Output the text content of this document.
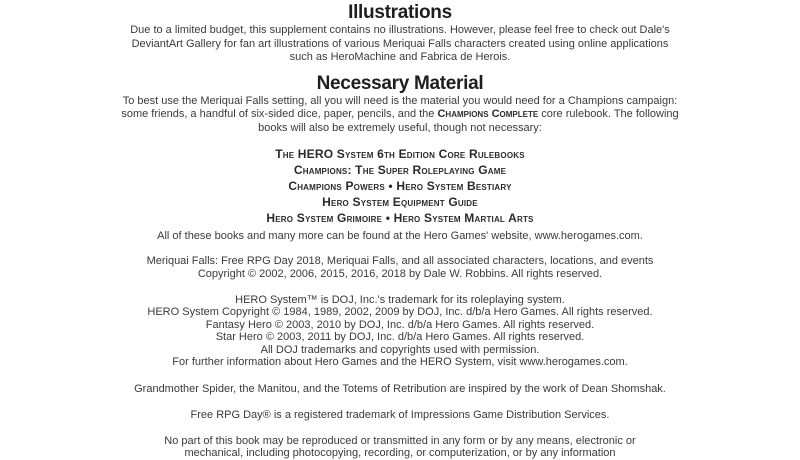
Illustrations
Due to a limited budget, this supplement contains no illustrations. However, please feel free to check out Dale's
DeviantArt Gallery for fan art illustrations of various Meriquai Falls characters created using online applications
such as HeroMachine and Fabrica de Herois.
Necessary Material
To best use the Meriquai Falls setting, all you will need is the material you would need for a Champions campaign:
some friends, a handful of six-sided dice, paper, pencils, and the Champions Complete core rulebook. The following
books will also be extremely useful, though not necessary:
The HERO System 6th Edition Core Rulebooks
Champions: The Super Roleplaying Game
Champions Powers • Hero System Bestiary
Hero System Equipment Guide
Hero System Grimoire • Hero System Martial Arts
All of these books and many more can be found at the Hero Games' website, www.herogames.com.
Meriquai Falls: Free RPG Day 2018, Meriquai Falls, and all associated characters, locations, and events
Copyright © 2002, 2006, 2015, 2016, 2018 by Dale W. Robbins. All rights reserved.
HERO System™ is DOJ, Inc.'s trademark for its roleplaying system.
HERO System Copyright © 1984, 1989, 2002, 2009 by DOJ, Inc. d/b/a Hero Games. All rights reserved.
Fantasy Hero © 2003, 2010 by DOJ, Inc. d/b/a Hero Games. All rights reserved.
Star Hero © 2003, 2011 by DOJ, Inc. d/b/a Hero Games. All rights reserved.
All DOJ trademarks and copyrights used with permission.
For further information about Hero Games and the HERO System, visit www.herogames.com.
Grandmother Spider, the Manitou, and the Totems of Retribution are inspired by the work of Dean Shomshak.
Free RPG Day® is a registered trademark of Impressions Game Distribution Services.
No part of this book may be reproduced or transmitted in any form or by any means, electronic or
mechanical, including photocopying, recording, or computerization, or by any information
